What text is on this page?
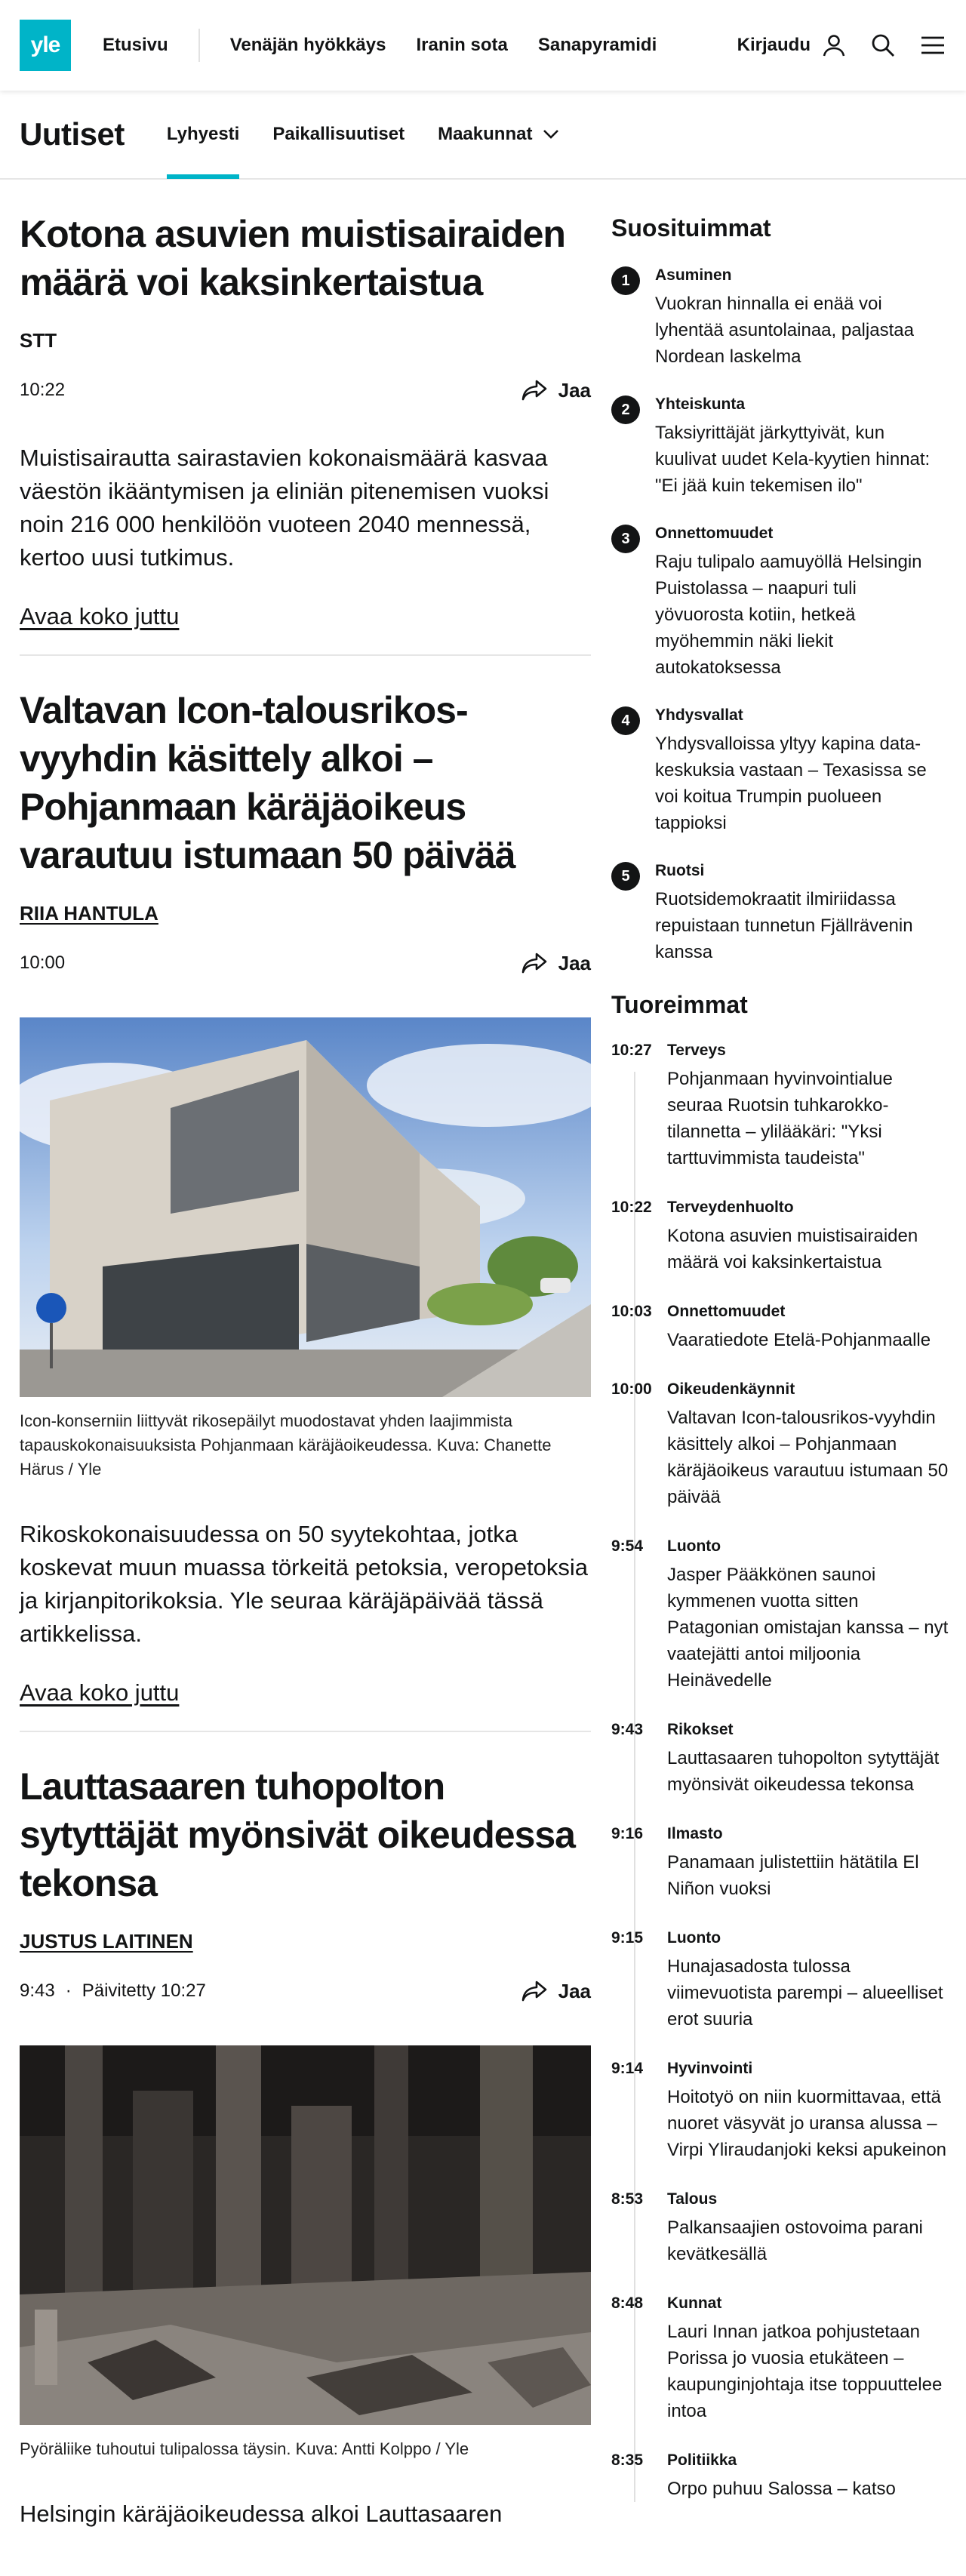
yle	Etusivu	Venäjän hyökkäys Iranin sota Sanapyramidi	Kirjaudu
Uutiset Lyhyesti Paikallisuutiset Maakunnat
Kotona asuvien muistisairaiden määrä voi kaksinkertaistua
STT
10:22	Jaa

Muistisairautta sairastavien kokonaismäärä kasvaa väestön ikääntymisen ja eliniän pitenemisen vuoksi noin 216 000 henkilöön vuoteen 2040 mennessä, kertoo uusi tutkimus.

Avaa koko juttu
Valtavan Icon-talousrikos-vyyhdin käsittely alkoi – Pohjanmaan käräjäoikeus varautuu istumaan 50 päivää
RIIA HANTULA
10:00	Jaa

Icon-konserniin liittyvät rikosepäilyt muodostavat yhden laajimmista tapauskokonaisuuksista Pohjanmaan käräjäoikeudessa. Kuva: Chanette Härus / Yle

Rikoskokonaisuudessa on 50 syytekohtaa, jotka koskevat muun muassa törkeitä petoksia, veropetoksia ja kirjanpitorikoksia. Yle seuraa käräjäpäivää tässä artikkelissa.

Avaa koko juttu
Lauttasaaren tuhopolton sytyttäjät myönsivät oikeudessa tekonsa
JUSTUS LAITINEN
9:43 · Päivitetty 10:27	Jaa

Pyöräliike tuhoutui tulipalossa täysin. Kuva: Antti Kolppo / Yle

Helsingin käräjäoikeudessa alkoi Lauttasaaren

Suosituimmat
1	Asuminen
Vuokran hinnalla ei enää voi lyhentää asuntolainaa, paljastaa Nordean laskelma
2	Yhteiskunta
Taksiyrittäjät järkyttyivät, kun kuulivat uudet Kela-kyytien hinnat: "Ei jää kuin tekemisen ilo"
3	Onnettomuudet
Raju tulipalo aamuyöllä Helsingin Puistolassa – naapuri tuli yövuorosta kotiin, hetkeä myöhemmin näki liekit autokatoksessa
4	Yhdysvallat
Yhdysvalloissa yltyy kapina data-keskuksia vastaan – Texasissa se voi koitua Trumpin puolueen tappioksi
5	Ruotsi
Ruotsidemokraatit ilmiriidassa repuistaan tunnetun Fjällrävenin kanssa
Tuoreimmat
10:27 Terveys
Pohjanmaan hyvinvointialue seuraa Ruotsin tuhkarokko-tilannetta – ylilääkäri: "Yksi tarttuvimmista taudeista"
10:22 Terveydenhuolto
Kotona asuvien muistisairaiden määrä voi kaksinkertaistua
10:03 Onnettomuudet
Vaaratiedote Etelä-Pohjanmaalle
10:00 Oikeudenkäynnit
Valtavan Icon-talousrikos-vyyhdin käsittely alkoi – Pohjanmaan käräjäoikeus varautuu istumaan 50 päivää
9:54	Luonto
Jasper Pääkkönen saunoi kymmenen vuotta sitten Patagonian omistajan kanssa – nyt vaatejätti antoi miljoonia Heinävedelle
9:43	Rikokset
Lauttasaaren tuhopolton sytyttäjät myönsivät oikeudessa tekonsa
9:16	Ilmasto
Panamaan julistettiin hätätila El Niñon vuoksi
9:15	Luonto
Hunajasadosta tulossa viimevuotista parempi – alueelliset erot suuria
9:14	Hyvinvointi
Hoitotyö on niin kuormittavaa, että nuoret väsyvät jo uransa alussa – Virpi Yliraudanjoki keksi apukeinon
8:53	Talous
Palkansaajien ostovoima parani kevätkesällä
8:48	Kunnat
Lauri Innan jatkoa pohjustetaan Porissa jo vuosia etukäteen – kaupunginjohtaja itse toppuuttelee intoa
8:35	Politiikka
Orpo puhuu Salossa – katso
